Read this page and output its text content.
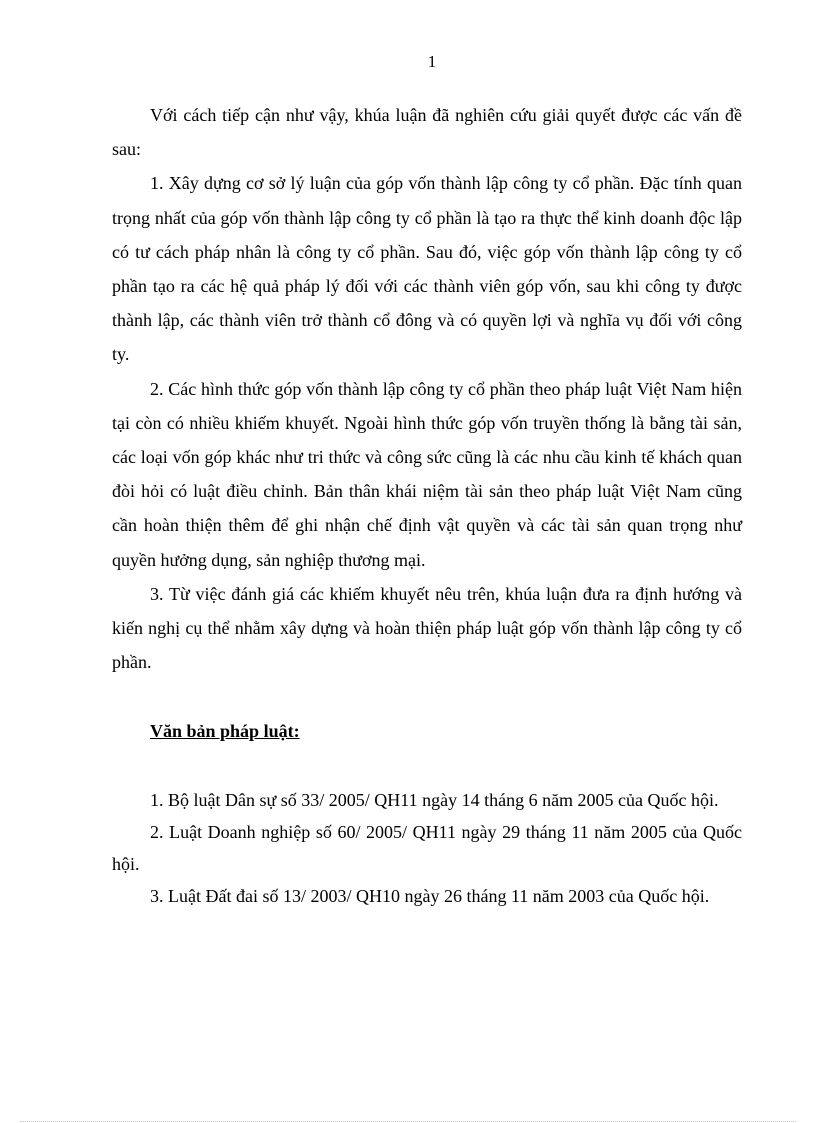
1

Với cách tiếp cận như vậy, khúa luận đã nghiên cứu giải quyết được các vấn đề sau:

1. Xây dựng cơ sở lý luận của góp vốn thành lập công ty cổ phần. Đặc tính quan trọng nhất của góp vốn thành lập công ty cổ phần là tạo ra thực thể kinh doanh độc lập có tư cách pháp nhân là công ty cổ phần. Sau đó, việc góp vốn thành lập công ty cổ phần tạo ra các hệ quả pháp lý đối với các thành viên góp vốn, sau khi công ty được thành lập, các thành viên trở thành cổ đông và có quyền lợi và nghĩa vụ đối với công ty.

2. Các hình thức góp vốn thành lập công ty cổ phần theo pháp luật Việt Nam hiện tại còn có nhiều khiếm khuyết. Ngoài hình thức góp vốn truyền thống là bằng tài sản, các loại vốn góp khác như tri thức và công sức cũng là các nhu cầu kinh tế khách quan đòi hỏi có luật điều chỉnh. Bản thân khái niệm tài sản theo pháp luật Việt Nam cũng cần hoàn thiện thêm để ghi nhận chế định vật quyền và các tài sản quan trọng như quyền hưởng dụng, sản nghiệp thương mại.

3. Từ việc đánh giá các khiếm khuyết nêu trên, khúa luận đưa ra định hướng và kiến nghị cụ thể nhằm xây dựng và hoàn thiện pháp luật góp vốn thành lập công ty cổ phần.

Văn bản pháp luật:

1. Bộ luật Dân sự số 33/ 2005/ QH11 ngày 14 tháng 6 năm 2005 của Quốc hội.

2. Luật Doanh nghiệp số 60/ 2005/ QH11 ngày 29 tháng 11 năm 2005 của Quốc hội.

3. Luật Đất đai số 13/ 2003/ QH10 ngày 26 tháng 11 năm 2003 của Quốc hội.
